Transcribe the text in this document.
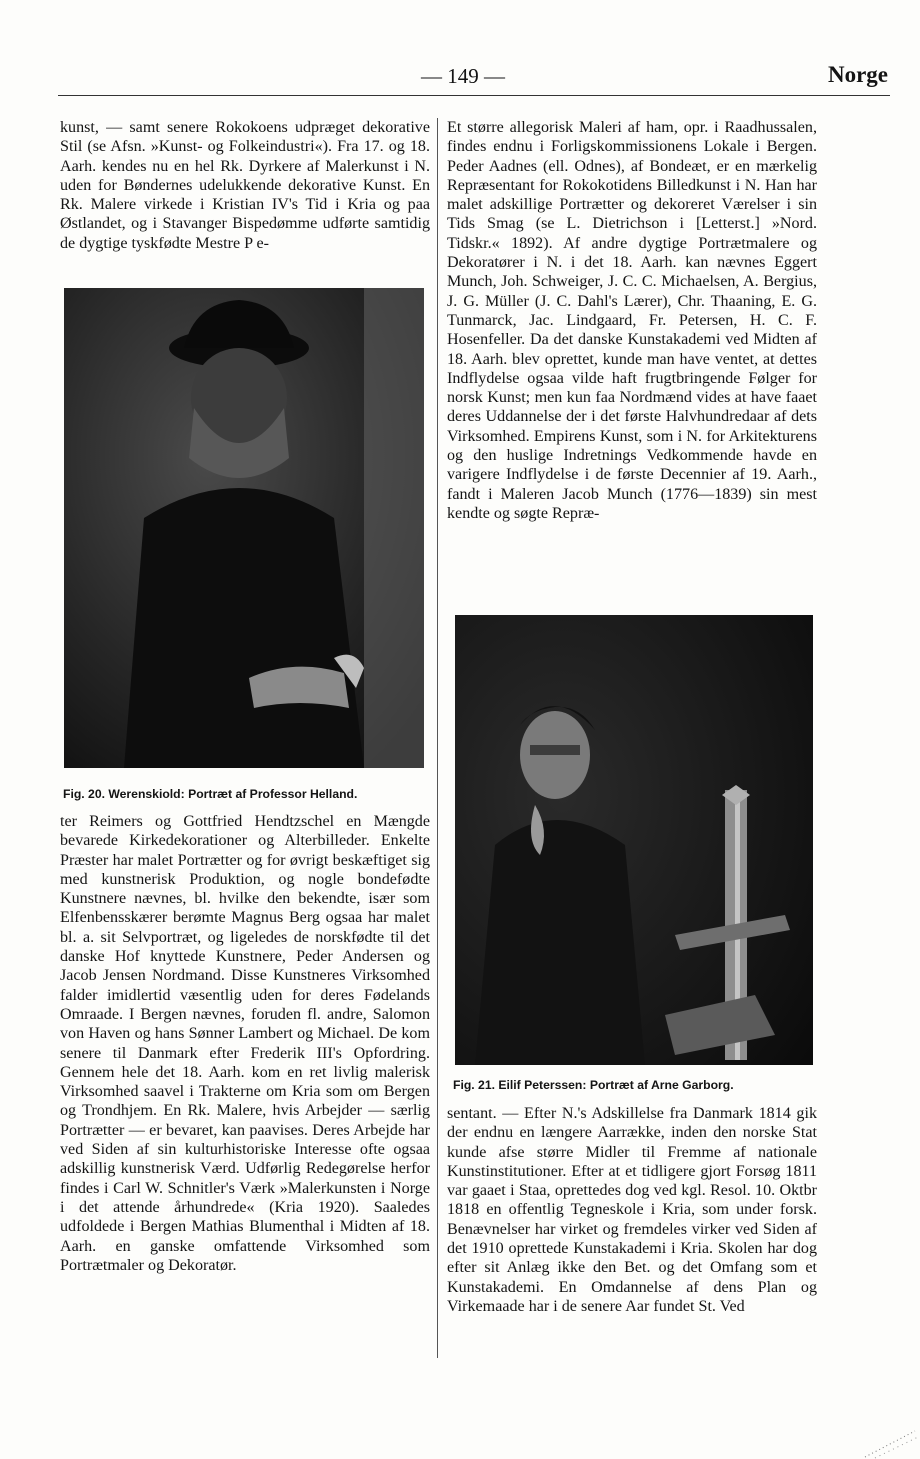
— 149 —	Norge

kunst, — samt senere Rokokoens udpræget dekorative Stil (se Afsn. »Kunst- og Folkeindustri«). Fra 17. og 18. Aarh. kendes nu en hel Rk. Dyrkere af Malerkunst i N. uden for Bøndernes udelukkende dekorative Kunst. En Rk. Malere virkede i Kristian IV's Tid i Kria og paa Østlandet, og i Stavanger Bispedømme udførte samtidig de dygtige tyskfødte Mestre P e-

Fig. 20. Werenskiold: Portræt af Professor Helland.

ter Reimers og Gottfried Hendtzschel en Mængde bevarede Kirkedekorationer og Alterbilleder. Enkelte Præster har malet Portrætter og for øvrigt beskæftiget sig med kunstnerisk Produktion, og nogle bondefødte Kunstnere nævnes, bl. hvilke den bekendte, især som Elfenbensskærer berømte Magnus Berg ogsaa har malet bl. a. sit Selvportræt, og ligeledes de norskfødte til det danske Hof knyttede Kunstnere, Peder Andersen og Jacob Jensen Nordmand. Disse Kunstneres Virksomhed falder imidlertid væsentlig uden for deres Fødelands Omraade. I Bergen nævnes, foruden fl. andre, Salomon von Haven og hans Sønner Lambert og Michael. De kom senere til Danmark efter Frederik III's Opfordring. Gennem hele det 18. Aarh. kom en ret livlig malerisk Virksomhed saavel i Trakterne om Kria som om Bergen og Trondhjem. En Rk. Malere, hvis Arbejder — særlig Portrætter — er bevaret, kan paavises. Deres Arbejde har ved Siden af sin kulturhistoriske Interesse ofte ogsaa adskillig kunstnerisk Værd. Udførlig Redegørelse herfor findes i Carl W. Schnitler's Værk »Malerkunsten i Norge i det attende århundrede« (Kria 1920). Saaledes udfoldede i Bergen Mathias Blumenthal i Midten af 18. Aarh. en ganske omfattende Virksomhed som Portrætmaler og Dekoratør.

Et større allegorisk Maleri af ham, opr. i Raadhussalen, findes endnu i Forligskommissionens Lokale i Bergen. Peder Aadnes (ell. Odnes), af Bondeæt, er en mærkelig Repræsentant for Rokokotidens Billedkunst i N. Han har malet adskillige Portrætter og dekoreret Værelser i sin Tids Smag (se L. Dietrichson i [Letterst.] »Nord. Tidskr.« 1892). Af andre dygtige Portrætmalere og Dekoratører i N. i det 18. Aarh. kan nævnes Eggert Munch, Joh. Schweiger, J. C. C. Michaelsen, A. Bergius, J. G. Müller (J. C. Dahl's Lærer), Chr. Thaaning, E. G. Tunmarck, Jac. Lindgaard, Fr. Petersen, H. C. F. Hosenfeller. Da det danske Kunstakademi ved Midten af 18. Aarh. blev oprettet, kunde man have ventet, at dettes Indflydelse ogsaa vilde haft frugtbringende Følger for norsk Kunst; men kun faa Nordmænd vides at have faaet deres Uddannelse der i det første Halvhundredaar af dets Virksomhed. Empirens Kunst, som i N. for Arkitekturens og den huslige Indretnings Vedkommende havde en varigere Indflydelse i de første Decennier af 19. Aarh., fandt i Maleren Jacob Munch (1776—1839) sin mest kendte og søgte Repræ-

Fig. 21. Eilif Peterssen: Portræt af Arne Garborg.

sentant. — Efter N.'s Adskillelse fra Danmark 1814 gik der endnu en længere Aarrække, inden den norske Stat kunde afse større Midler til Fremme af nationale Kunstinstitutioner. Efter at et tidligere gjort Forsøg 1811 var gaaet i Staa, oprettedes dog ved kgl. Resol. 10. Oktbr 1818 en offentlig Tegneskole i Kria, som under forsk. Benævnelser har virket og fremdeles virker ved Siden af det 1910 oprettede Kunstakademi i Kria. Skolen har dog efter sit Anlæg ikke den Bet. og det Omfang som et Kunstakademi. En Omdannelse af dens Plan og Virkemaade har i de senere Aar fundet St. Ved
